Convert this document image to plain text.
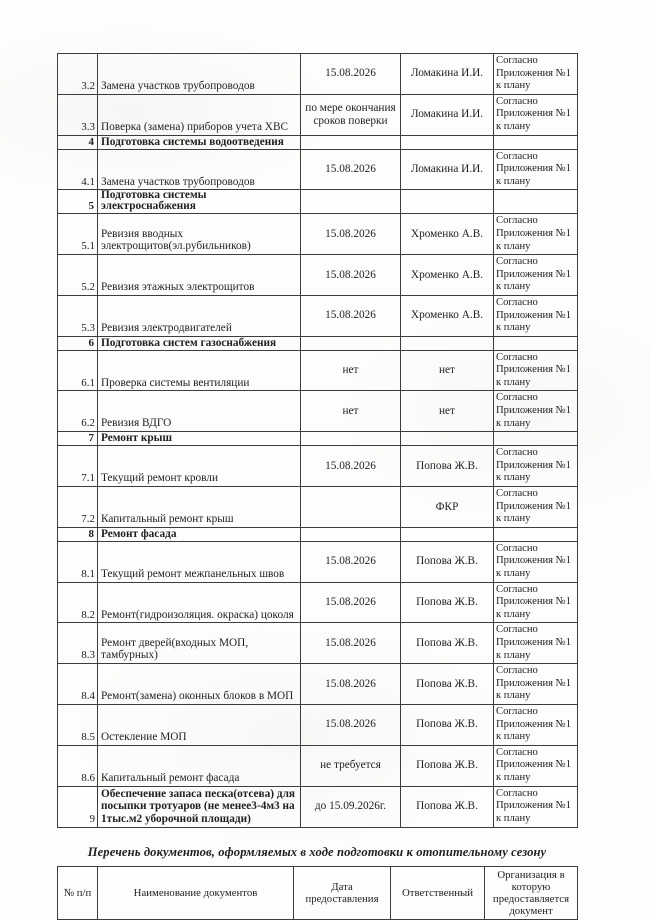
3.2	Замена участков трубопроводов	15.08.2026	Ломакина И.И.	Согласно Приложения №1 к плану
3.3	Поверка (замена) приборов учета ХВС	по мере окончания сроков поверки	Ломакина И.И.	Согласно Приложения №1 к плану
4	Подготовка системы водоотведения			
4.1	Замена участков трубопроводов	15.08.2026	Ломакина И.И.	Согласно Приложения №1 к плану
5	Подготовка системы электроснабжения			
5.1	Ревизия вводных электрощитов(эл.рубильников)	15.08.2026	Хроменко А.В.	Согласно Приложения №1 к плану
5.2	Ревизия этажных электрощитов	15.08.2026	Хроменко А.В.	Согласно Приложения №1 к плану
5.3	Ревизия электродвигателей	15.08.2026	Хроменко А.В.	Согласно Приложения №1 к плану
6	Подготовка систем газоснабжения			
6.1	Проверка системы вентиляции	нет	нет	Согласно Приложения №1 к плану
6.2	Ревизия ВДГО	нет	нет	Согласно Приложения №1 к плану
7	Ремонт крыш			
7.1	Текущий ремонт кровли	15.08.2026	Попова Ж.В.	Согласно Приложения №1 к плану
7.2	Капитальный ремонт крыш		ФКР	Согласно Приложения №1 к плану
8	Ремонт фасада			
8.1	Текущий ремонт межпанельных швов	15.08.2026	Попова Ж.В.	Согласно Приложения №1 к плану
8.2	Ремонт(гидроизоляция. окраска) цоколя	15.08.2026	Попова Ж.В.	Согласно Приложения №1 к плану
8.3	Ремонт дверей(входных МОП, тамбурных)	15.08.2026	Попова Ж.В.	Согласно Приложения №1 к плану
8.4	Ремонт(замена) оконных блоков в МОП	15.08.2026	Попова Ж.В.	Согласно Приложения №1 к плану
8.5	Остекление МОП	15.08.2026	Попова Ж.В.	Согласно Приложения №1 к плану
8.6	Капитальный ремонт фасада	не требуется	Попова Ж.В.	Согласно Приложения №1 к плану
9	Обеспечение запаса песка(отсева) для посыпки тротуаров (не менее3-4м3 на 1тыс.м2 уборочной площади)	до 15.09.2026г.	Попова Ж.В.	Согласно Приложения №1 к плану
Перечень документов, оформляемых в ходе подготовки к отопительному сезону
№ п/п	Наименование документов	Дата предоставления	Ответственный	Организация в которую предоставляется документ
